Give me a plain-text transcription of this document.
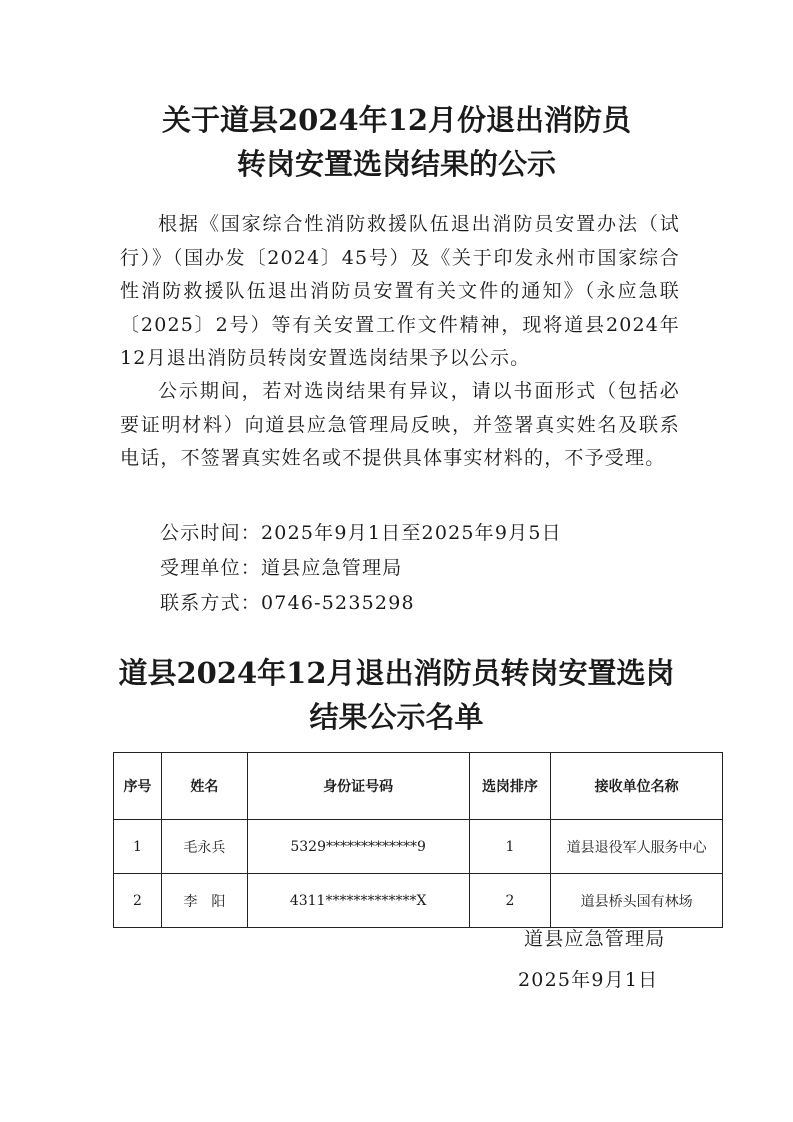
关于道县2024年12月份退出消防员
转岗安置选岗结果的公示

根据《国家综合性消防救援队伍退出消防员安置办法（试行）》（国办发〔2024〕45号）及《关于印发永州市国家综合性消防救援队伍退出消防员安置有关文件的通知》（永应急联〔2025〕2号）等有关安置工作文件精神，现将道县2024年12月退出消防员转岗安置选岗结果予以公示。

公示期间，若对选岗结果有异议，请以书面形式（包括必要证明材料）向道县应急管理局反映，并签署真实姓名及联系电话，不签署真实姓名或不提供具体事实材料的，不予受理。

公示时间：2025年9月1日至2025年9月5日
受理单位：道县应急管理局
联系方式：0746-5235298
道县2024年12月退出消防员转岗安置选岗
结果公示名单
序号	姓名	身份证号码	选岗排序	接收单位名称
1	毛永兵	5329*************9	1	道县退役军人服务中心
2	李　阳	4311*************X	2	道县桥头国有林场
道县应急管理局
2025年9月1日
